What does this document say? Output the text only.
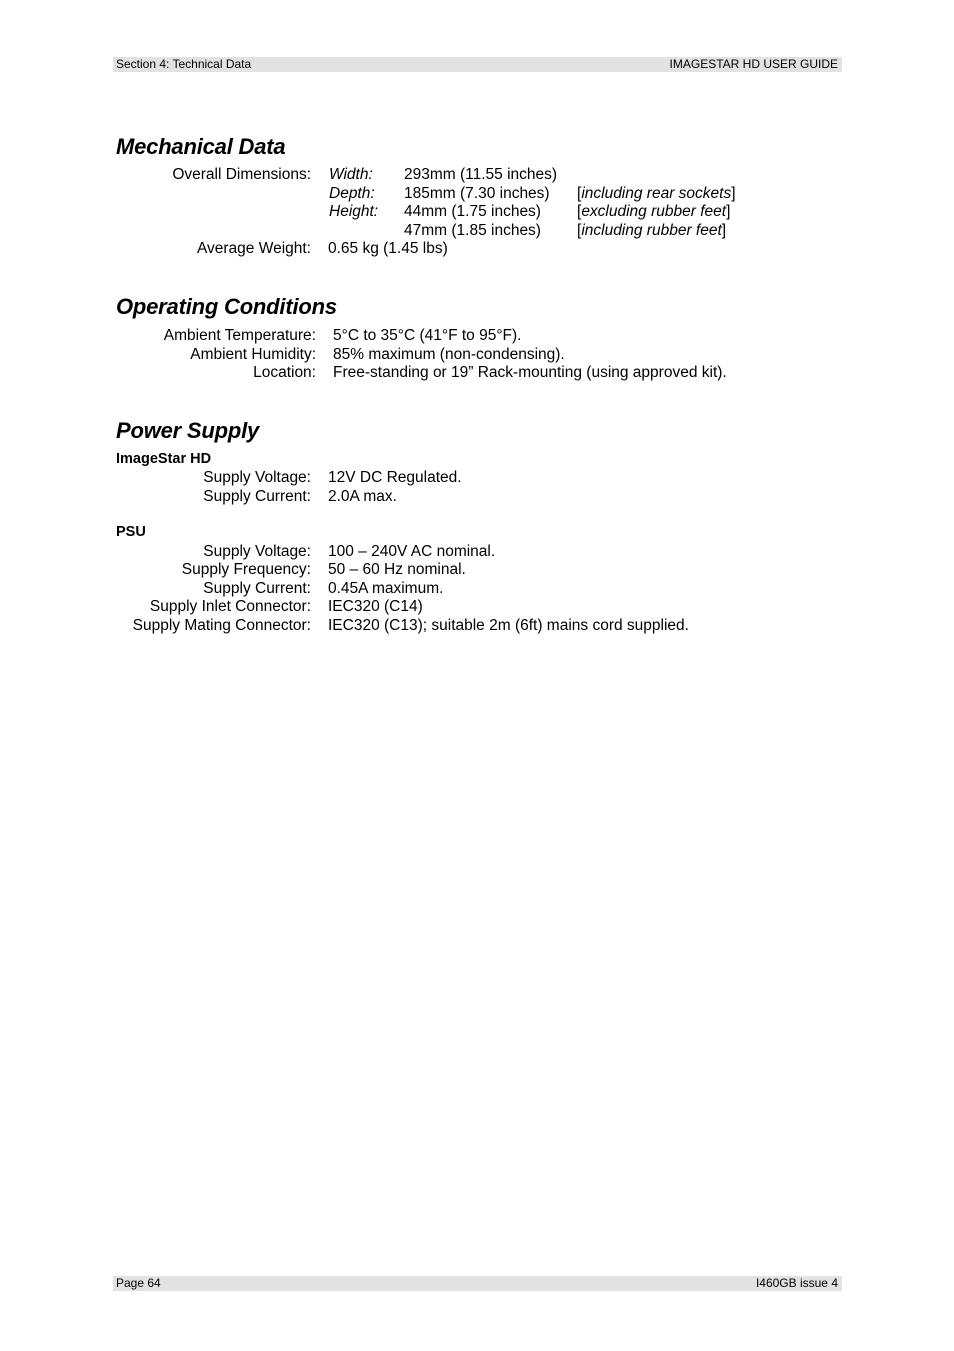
Section 4: Technical Data	IMAGESTAR HD USER GUIDE
Mechanical Data
Overall Dimensions: Width: 293mm (11.55 inches)
Depth: 185mm (7.30 inches) [including rear sockets]
Height: 44mm (1.75 inches) [excluding rubber feet]
47mm (1.85 inches) [including rubber feet]
Average Weight: 0.65 kg (1.45 lbs)
Operating Conditions
Ambient Temperature: 5°C to 35°C (41°F to 95°F).
Ambient Humidity: 85% maximum (non-condensing).
Location: Free-standing or 19” Rack-mounting (using approved kit).
Power Supply
ImageStar HD
Supply Voltage: 12V DC Regulated.
Supply Current: 2.0A max.
PSU
Supply Voltage: 100 – 240V AC nominal.
Supply Frequency: 50 – 60 Hz nominal.
Supply Current: 0.45A maximum.
Supply Inlet Connector: IEC320 (C14)
Supply Mating Connector: IEC320 (C13); suitable 2m (6ft) mains cord supplied.
Page 64	I460GB issue 4
